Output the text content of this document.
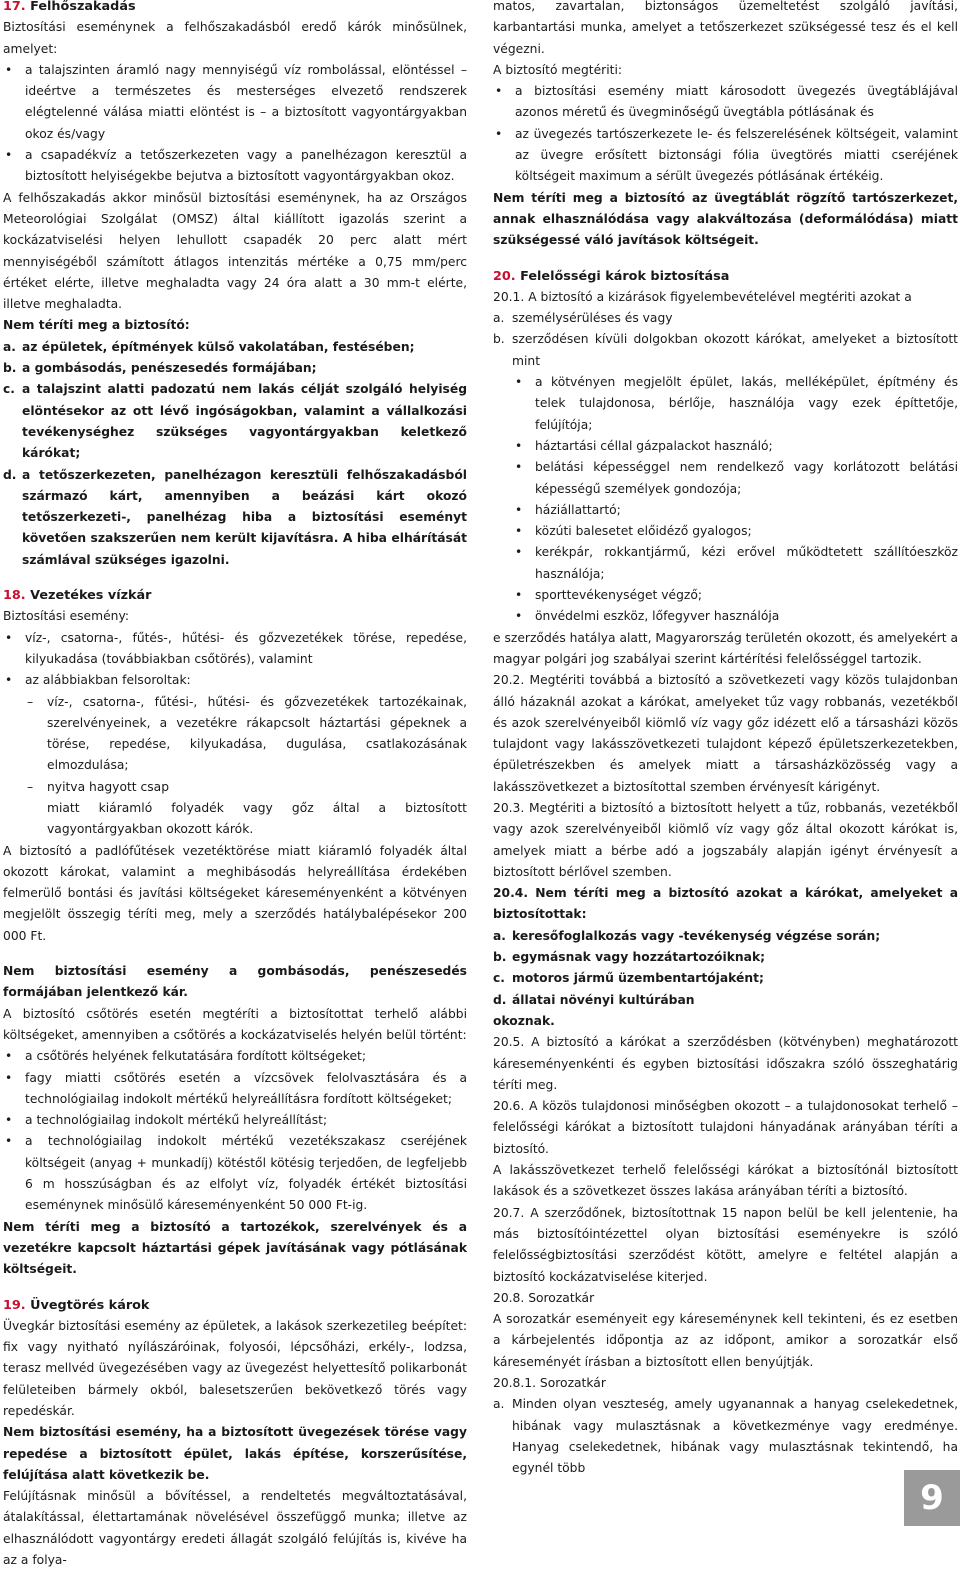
17. Felhőszakadás

Biztosítási eseménynek a felhőszakadásból eredő kárók minősülnek, amelyet:

• a talajszinten áramló nagy mennyiségű víz rombolással, elöntéssel – ideértve a természetes és mesterséges elvezető rendszerek elégtelenné válása miatti elöntést is – a biztosított vagyontárgyakban okoz és/vagy
• a csapadékvíz a tetőszerkezeten vagy a panelhézagon keresztül a biztosított helyiségekbe bejutva a biztosított vagyontárgyakban okoz.

A felhőszakadás akkor minősül biztosítási eseménynek, ha az Országos Meteorológiai Szolgálat (OMSZ) által kiállított igazolás szerint a kockázatviselési helyen lehullott csapadék 20 perc alatt mért mennyiségéből számított átlagos intenzitás mértéke a 0,75 mm/perc értéket elérte, illetve meghaladta vagy 24 óra alatt a 30 mm-t elérte, illetve meghaladta.

Nem téríti meg a biztosító:

a. az épületek, építmények külső vakolatában, festésében;
b. a gombásodás, penészesedés formájában;
c. a talajszint alatti padozatú nem lakás célját szolgáló helyiség elöntésekor az ott lévő ingóságokban, valamint a vállalkozási tevékenységhez szükséges vagyontárgyakban keletkező kárókat;
d. a tetőszerkezeten, panelhézagon keresztüli felhőszakadásból származó kárt, amennyiben a beázási kárt okozó tetőszerkezeti-, panelhézag hiba a biztosítási eseményt követően szakszerűen nem került kijavításra. A hiba elhárítását számlával szükséges igazolni.

18. Vezetékes vízkár

Biztosítási esemény:

• víz-, csatorna-, fűtés-, hűtési- és gőzvezetékek törése, repedése, kilyukadása (továbbiakban csőtörés), valamint
• az alábbiakban felsoroltak:
– víz-, csatorna-, fűtési-, hűtési- és gőzvezetékek tartozékainak, szerelvényeinek, a vezetékre rákapcsolt háztartási gépeknek a törése, repedése, kilyukadása, dugulása, csatlakozásának elmozdulása;
– nyitva hagyott csap

miatt kiáramló folyadék vagy gőz által a biztosított vagyontárgyakban okozott kárók.

A biztosító a padlófűtések vezetéktörése miatt kiáramló folyadék által okozott károkat, valamint a meghibásodás helyreállítása érdekében felmerülő bontási és javítási költségeket káreseményenként a kötvényen megjelölt összegig téríti meg, mely a szerződés hatálybalépésekor 200 000 Ft.

Nem biztosítási esemény a gombásodás, penészesedés formájában jelentkező kár.

A biztosító csőtörés esetén megtéríti a biztosítottat terhelő alábbi költségeket, amennyiben a csőtörés a kockázatviselés helyén belül történt:

• a csőtörés helyének felkutatására fordított költségeket;
• fagy miatti csőtörés esetén a vízcsövek felolvasztására és a technológiailag indokolt mértékű helyreállításra fordított költségeket;
• a technológiailag indokolt mértékű helyreállítást;
• a technológiailag indokolt mértékű vezetékszakasz cseréjének költségeit (anyag + munkadíj) kötéstől kötésig terjedően, de legfeljebb 6 m hosszúságban és az elfolyt víz, folyadék értékét biztosítási eseménynek minősülő káreseményenként 50 000 Ft-ig.

Nem téríti meg a biztosító a tartozékok, szerelvények és a vezetékre kapcsolt háztartási gépek javításának vagy pótlásának költségeit.

19. Üvegtörés károk

Üvegkár biztosítási esemény az épületek, a lakások szerkezetileg beépítet: fix vagy nyitható nyílászáróinak, folyosói, lépcsőházi, erkély-, lodzsa, terasz mellvéd üvegezésében vagy az üvegezést helyettesítő polikarbonát felületeiben bármely okból, balesetszerűen bekövetkező törés vagy repedéskár.

Nem biztosítási esemény, ha a biztosított üvegezések törése vagy repedése a biztosított épület, lakás építése, korszerűsítése, felújítása alatt következik be.

Felújításnak minősül a bővítéssel, a rendeltetés megváltoztatásával, átalakítással, élettartamának növelésével összefüggő munka; illetve az elhasználódott vagyontárgy eredeti állagát szolgáló felújítás is, kivéve ha az a folya-

matos, zavartalan, biztonságos üzemeltetést szolgáló javítási, karbantartási munka, amelyet a tetőszerkezet szükségessé tesz és el kell végezni.

A biztosító megtériti:

• a biztosítási esemény miatt károsodott üvegezés üvegtáblájával azonos méretű és üvegminőségű üvegtábla pótlásának és
• az üvegezés tartószerkezete le- és felszerelésének költségeit, valamint az üvegre erősített biztonsági fólia üvegtörés miatti cseréjének költségeit maximum a sérült üvegezés pótlásának értékéig.

Nem téríti meg a biztosító az üvegtáblát rögzítő tartószerkezet, annak elhasználódása vagy alakváltozása (deformálódása) miatt szükségessé váló javítások költségeit.

20. Felelősségi károk biztosítása

20.1. A biztosító a kizárások figyelembevételével megtériti azokat a

a. személysérüléses és vagy
b. szerződésen kívüli dolgokban okozott kárókat, amelyeket a biztosított mint
• a kötvényen megjelölt épület, lakás, melléképület, építmény és telek tulajdonosa, bérlője, használója vagy ezek építtetője, felújítója;
• háztartási céllal gázpalackot használó;
• belátási képességgel nem rendelkező vagy korlátozott belátási képességű személyek gondozója;
• háziállattartó;
• közúti balesetet előidéző gyalogos;
• kerékpár, rokkantjármű, kézi erővel működtetett szállítóeszköz használója;
• sporttevékenységet végző;
• önvédelmi eszköz, lőfegyver használója

e szerződés hatálya alatt, Magyarország területén okozott, és amelyekért a magyar polgári jog szabályai szerint kártérítési felelősséggel tartozik.

20.2. Megtériti továbbá a biztosító a szövetkezeti vagy közös tulajdonban álló házaknál azokat a kárókat, amelyeket tűz vagy robbanás, vezetékből és azok szerelvényeiből kiömlő víz vagy gőz idézett elő a társasházi közös tulajdont vagy lakásszövetkezeti tulajdont képező épületszerkezetekben, épületrészekben és amelyek miatt a társasházközösség vagy a lakásszövetkezet a biztosítottal szemben érvényesít kárigényt.

20.3. Megtériti a biztosító a biztosított helyett a tűz, robbanás, vezetékből vagy azok szerelvényeiből kiömlő víz vagy gőz által okozott kárókat is, amelyek miatt a bérbe adó a jogszabály alapján igényt érvényesít a biztosított bérlővel szemben.

20.4. Nem téríti meg a biztosító azokat a kárókat, amelyeket a biztosítottak:

a. keresőfoglalkozás vagy -tevékenység végzése során;
b. egymásnak vagy hozzátartozóiknak;
c. motoros jármű üzembentartójaként;
d. állatai növényi kultúrában

okoznak.

20.5. A biztosító a kárókat a szerződésben (kötvényben) meghatározott káreseményenkénti és egyben biztosítási időszakra szóló összeghatárig téríti meg.

20.6. A közös tulajdonosi minőségben okozott – a tulajdonosokat terhelő – felelősségi kárókat a biztosított tulajdoni hányadának arányában téríti a biztosító.

A lakásszövetkezet terhelő felelősségi kárókat a biztosítónál biztosított lakások és a szövetkezet összes lakása arányában téríti a biztosító.

20.7. A szerződőnek, biztosítottnak 15 napon belül be kell jelentenie, ha más biztosítóintézettel olyan biztosítási eseményekre is szóló felelősségbiztosítási szerződést kötött, amelyre e feltétel alapján a biztosító kockázatviselése kiterjed.

20.8. Sorozatkár

A sorozatkár eseményeit egy káreseménynek kell tekinteni, és ez esetben a kárbejelentés időpontja az az időpont, amikor a sorozatkár első káreseményét írásban a biztosított ellen benyújtják.

20.8.1. Sorozatkár

a. Minden olyan veszteség, amely ugyanannak a hanyag cselekedetnek, hibának vagy mulasztásnak a következménye vagy eredménye. Hanyag cselekedetnek, hibának vagy mulasztásnak tekintendő, ha egynél több
9
